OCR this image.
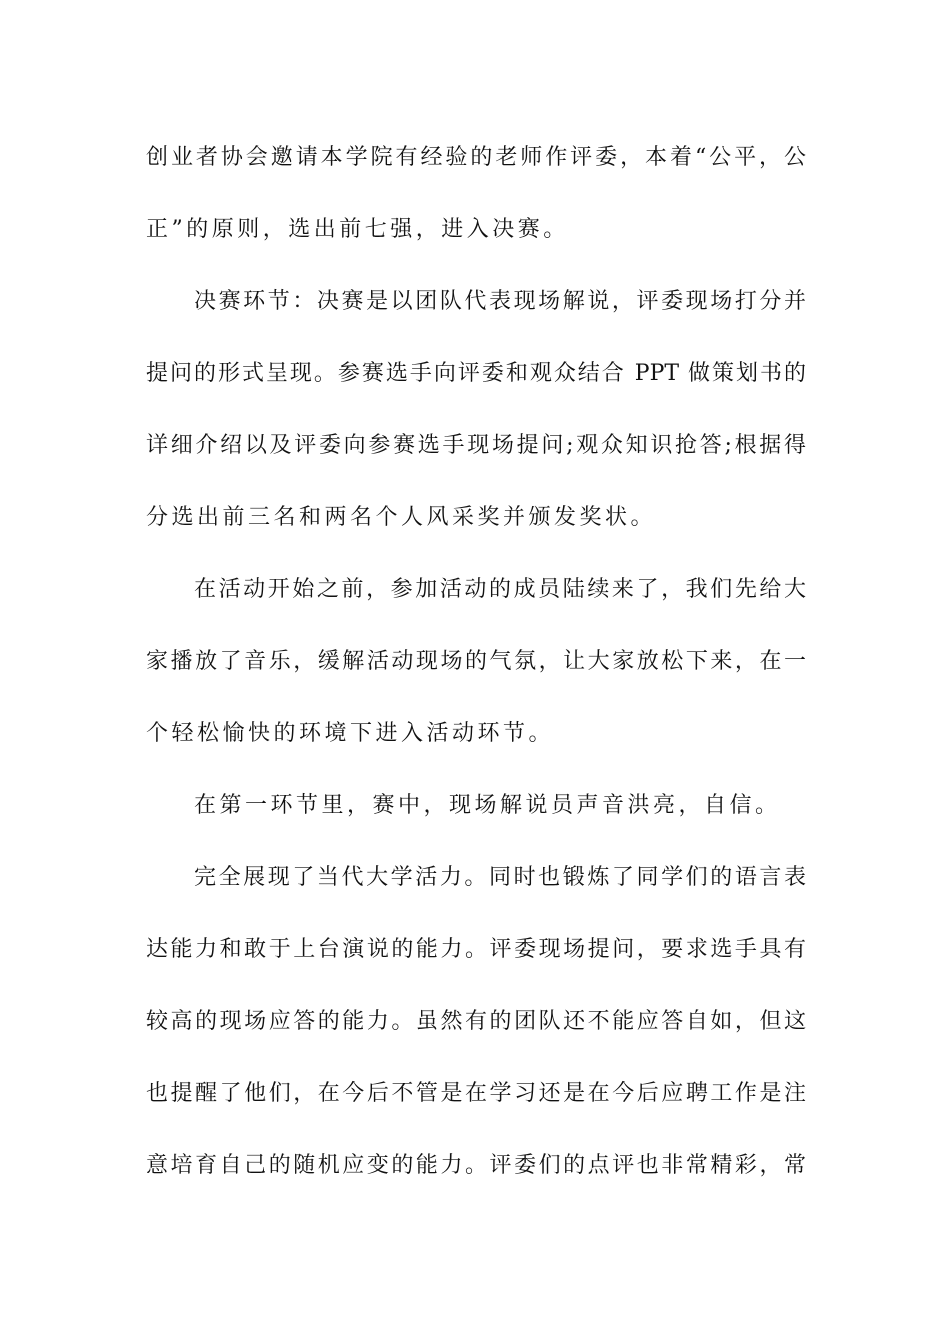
创业者协会邀请本学院有经验的老师作评委，本着“公平，公

正”的原则，选出前七强，进入决赛。

决赛环节：决赛是以团队代表现场解说，评委现场打分并

提问的形式呈现。参赛选手向评委和观众结合 PPT 做策划书的

详细介绍以及评委向参赛选手现场提问;观众知识抢答;根据得

分选出前三名和两名个人风采奖并颁发奖状。

在活动开始之前，参加活动的成员陆续来了，我们先给大

家播放了音乐，缓解活动现场的气氛，让大家放松下来，在一

个轻松愉快的环境下进入活动环节。

在第一环节里，赛中，现场解说员声音洪亮，自信。

完全展现了当代大学活力。同时也锻炼了同学们的语言表

达能力和敢于上台演说的能力。评委现场提问，要求选手具有

较高的现场应答的能力。虽然有的团队还不能应答自如，但这

也提醒了他们，在今后不管是在学习还是在今后应聘工作是注

意培育自己的随机应变的能力。评委们的点评也非常精彩，常
